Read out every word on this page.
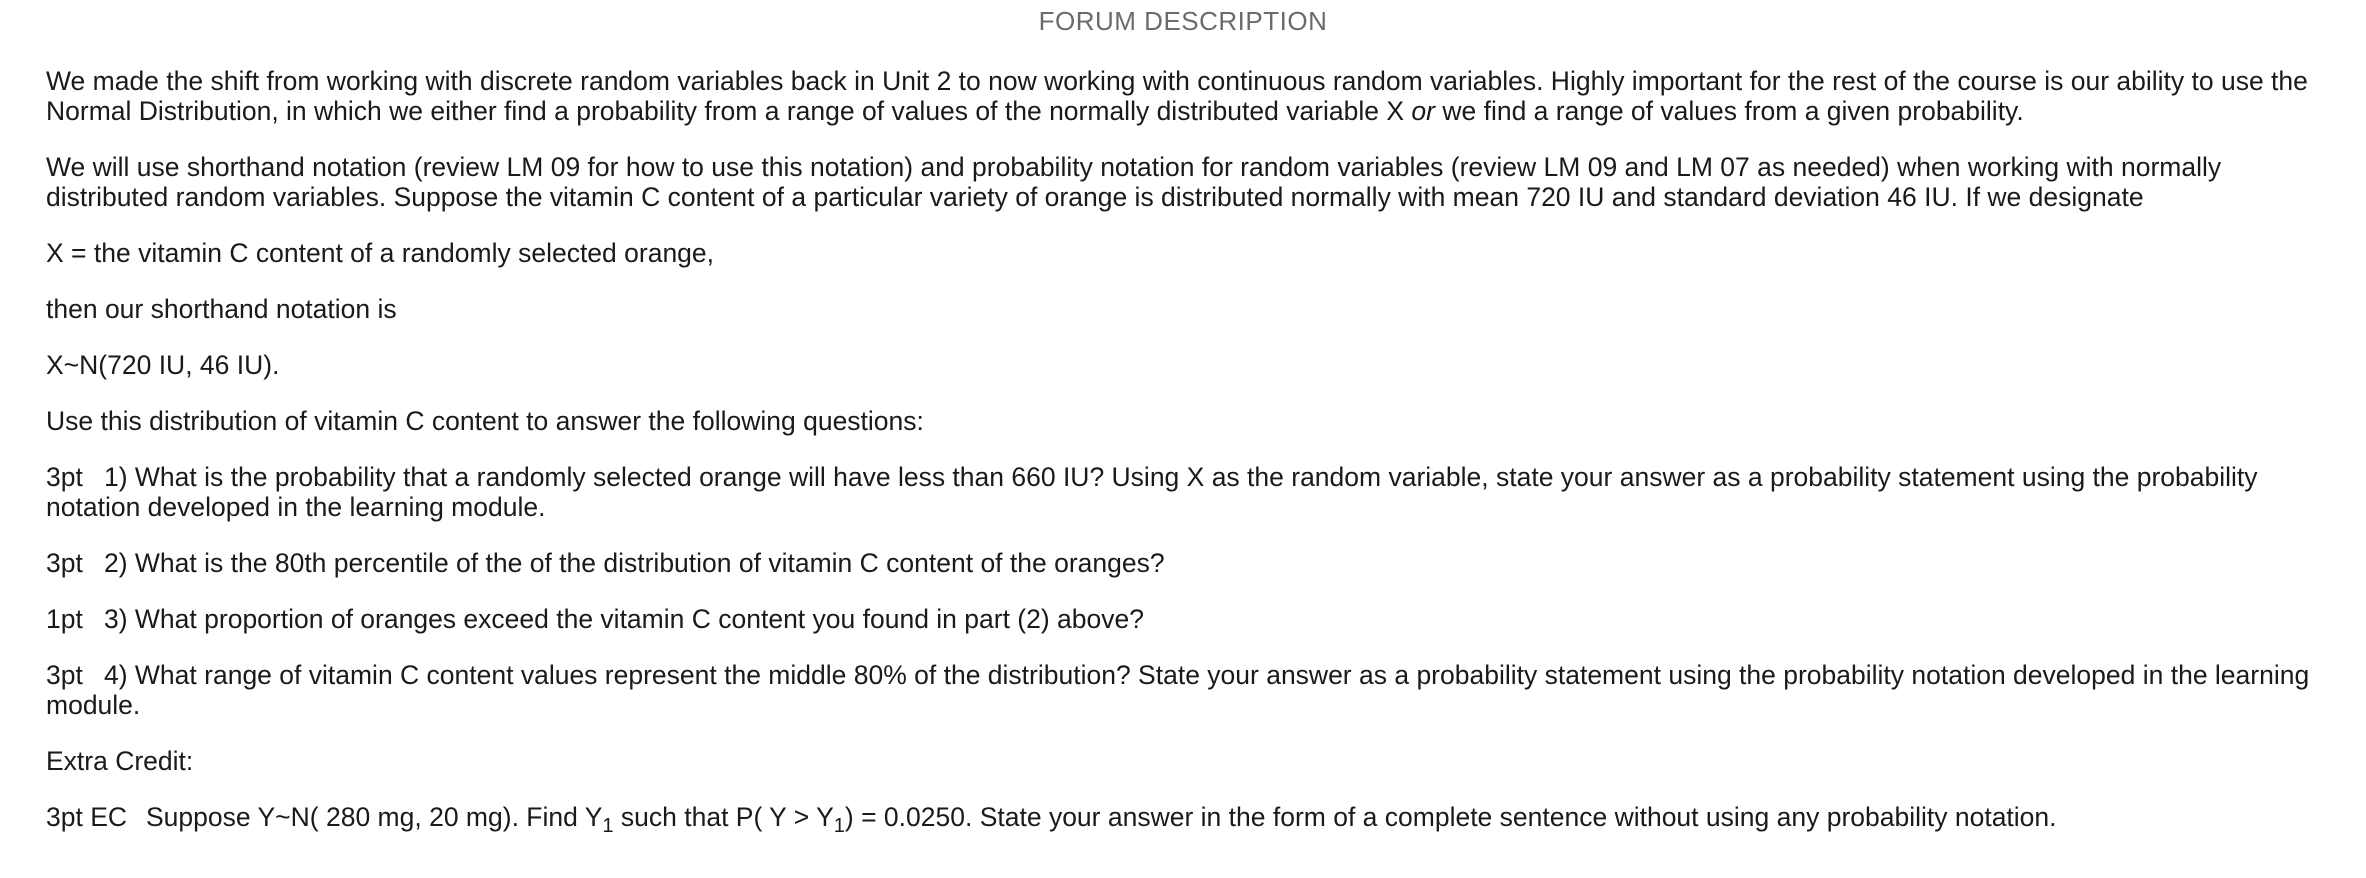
FORUM DESCRIPTION

We made the shift from working with discrete random variables back in Unit 2 to now working with continuous random variables. Highly important for the rest of the course is our ability to use the Normal Distribution, in which we either find a probability from a range of values of the normally distributed variable X or we find a range of values from a given probability.

We will use shorthand notation (review LM 09 for how to use this notation) and probability notation for random variables (review LM 09 and LM 07 as needed) when working with normally distributed random variables. Suppose the vitamin C content of a particular variety of orange is distributed normally with mean 720 IU and standard deviation 46 IU. If we designate

X = the vitamin C content of a randomly selected orange,

then our shorthand notation is

X~N(720 IU, 46 IU).

Use this distribution of vitamin C content to answer the following questions:

3pt 1) What is the probability that a randomly selected orange will have less than 660 IU? Using X as the random variable, state your answer as a probability statement using the probability notation developed in the learning module.

3pt 2) What is the 80th percentile of the of the distribution of vitamin C content of the oranges?

1pt 3) What proportion of oranges exceed the vitamin C content you found in part (2) above?

3pt 4) What range of vitamin C content values represent the middle 80% of the distribution? State your answer as a probability statement using the probability notation developed in the learning module.

Extra Credit:

3pt EC Suppose Y~N( 280 mg, 20 mg). Find $Y_1$ such that P( $Y > Y_1) = 0.0250$. State your answer in the form of a complete sentence without using any probability notation.
